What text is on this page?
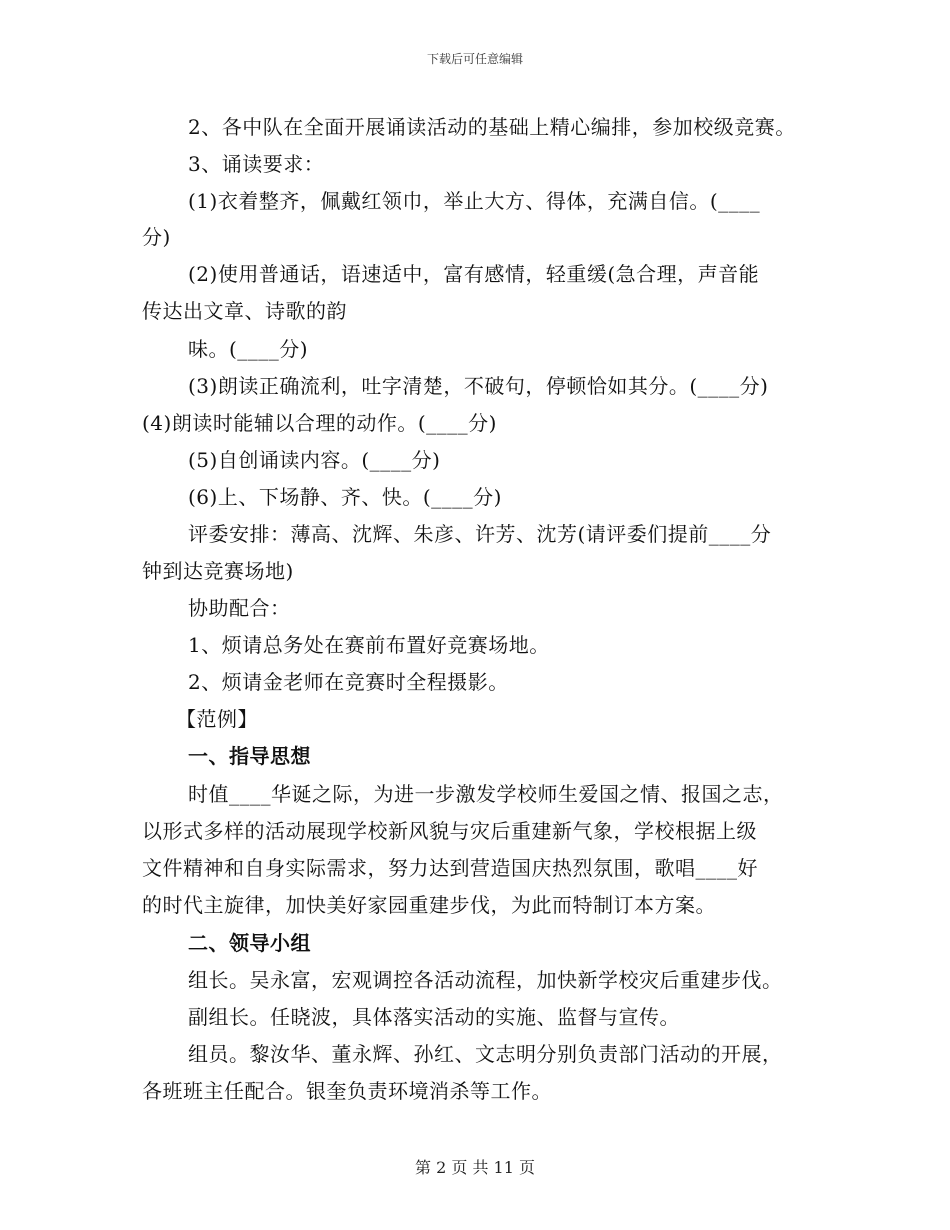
下载后可任意编辑
2、各中队在全面开展诵读活动的基础上精心编排，参加校级竞赛。
3、诵读要求：
(1)衣着整齐，佩戴红领巾，举止大方、得体，充满自信。(____
分)
(2)使用普通话，语速适中，富有感情，轻重缓(急合理，声音能
传达出文章、诗歌的韵
味。(____分)
(3)朗读正确流利，吐字清楚，不破句，停顿恰如其分。(____分)
(4)朗读时能辅以合理的动作。(____分)
(5)自创诵读内容。(____分)
(6)上、下场静、齐、快。(____分)
评委安排：薄高、沈辉、朱彦、许芳、沈芳(请评委们提前____分
钟到达竞赛场地)
协助配合：
1、烦请总务处在赛前布置好竞赛场地。
2、烦请金老师在竞赛时全程摄影。
【范例】
一、指导思想
时值____华诞之际，为进一步激发学校师生爱国之情、报国之志，
以形式多样的活动展现学校新风貌与灾后重建新气象，学校根据上级
文件精神和自身实际需求，努力达到营造国庆热烈氛围，歌唱____好
的时代主旋律，加快美好家园重建步伐，为此而特制订本方案。
二、领导小组
组长。吴永富，宏观调控各活动流程，加快新学校灾后重建步伐。
副组长。任晓波，具体落实活动的实施、监督与宣传。
组员。黎汝华、董永辉、孙红、文志明分别负责部门活动的开展，
各班班主任配合。银奎负责环境消杀等工作。
第 2 页 共 11 页
